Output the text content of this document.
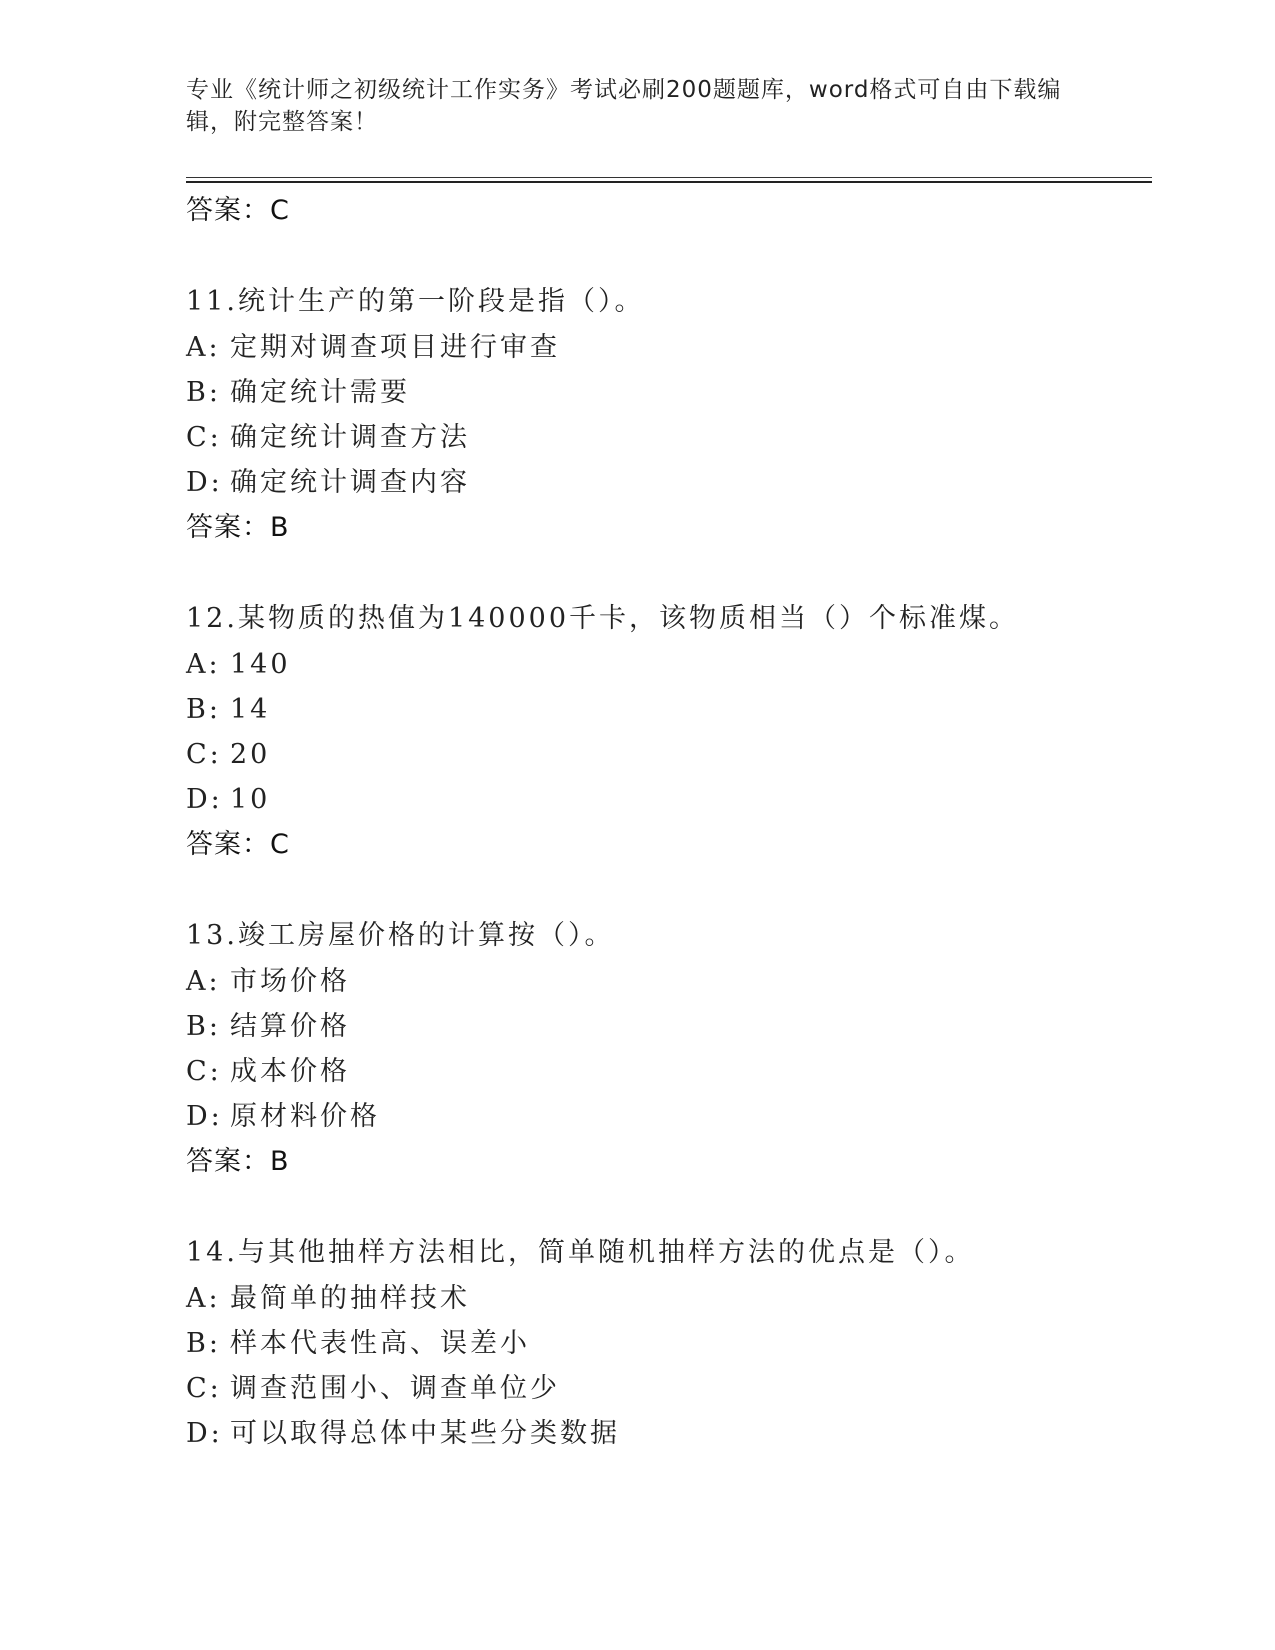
专业《统计师之初级统计工作实务》考试必刷200题题库，word格式可自由下载编辑，附完整答案！
答案：C
11.统计生产的第一阶段是指（）。
A: 定期对调查项目进行审查
B: 确定统计需要
C: 确定统计调查方法
D: 确定统计调查内容
答案：B
12.某物质的热值为140000千卡，该物质相当（）个标准煤。
A: 140
B: 14
C: 20
D: 10
答案：C
13.竣工房屋价格的计算按（）。
A: 市场价格
B: 结算价格
C: 成本价格
D: 原材料价格
答案：B
14.与其他抽样方法相比，简单随机抽样方法的优点是（）。
A: 最简单的抽样技术
B: 样本代表性高、误差小
C: 调查范围小、调查单位少
D: 可以取得总体中某些分类数据
